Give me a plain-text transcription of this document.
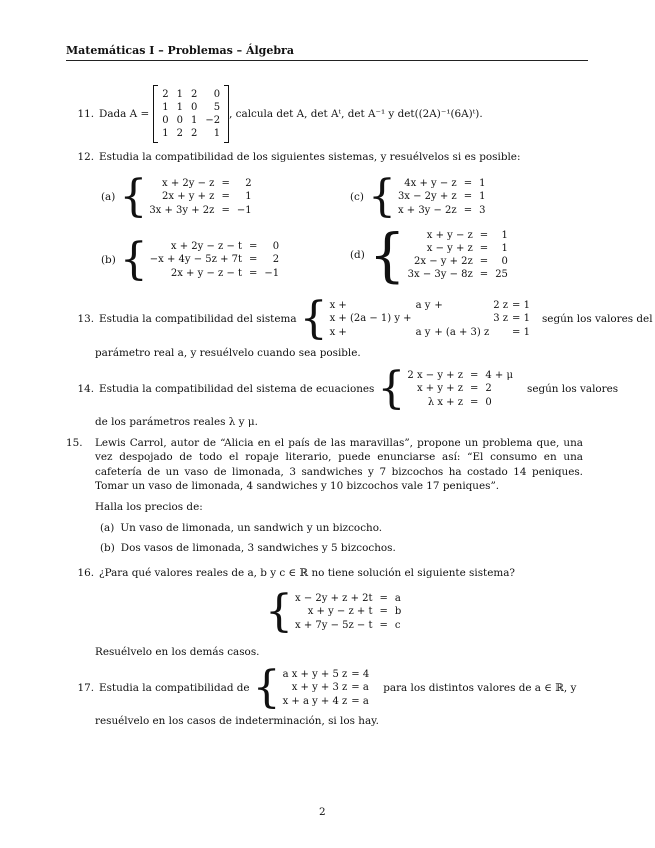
Matemáticas I – Problemas – Álgebra
11. Dada A =
2	1	2	0
1	1	0	5
0	0	1	−2
1	2	2	1
, calcula det A, det Aᵗ, det A⁻¹ y det((2A)⁻¹(6A)ᵗ).
12. Estudia la compatibilidad de los siguientes sistemas, y resuélvelos si es posible:
(a) { x + 2y − z	=	2
2x + y + z	=	1
3x + 3y + 2z	=	−1
(c) { 4x + y − z	=	1
3x − 2y + z	=	1
x + 3y − 2z	=	3
(b) { x + 2y − z − t	=	0
−x + 4y − 5z + 7t	=	2
2x + y − z − t	=	−1
(d) { x + y − z	=	1
x − y + z	=	1
2x − y + 2z	=	0
3x − 3y − 8z	=	25
13. Estudia la compatibilidad del sistema { x +	a y	+	2 z	= 1
x + (2a − 1) y +			3 z	= 1
x +	a y	+ (a + 3) z		= 1
según los valores del
parámetro real a, y resuélvelo cuando sea posible.
14. Estudia la compatibilidad del sistema de ecuaciones { 2 x − y + z	=	4 + μ
x + y + z	=	2
λ x + z	=	0
según los valores
de los parámetros reales λ y μ.
15. Lewis Carrol, autor de “Alicia en el país de las maravillas”, propone un problema que, una vez despojado de todo el ropaje literario, puede enunciarse así: “El consumo en una cafetería de un vaso de limonada, 3 sandwiches y 7 bizcochos ha costado 14 peniques. Tomar un vaso de limonada, 4 sandwiches y 10 bizcochos vale 17 peniques”.
Halla los precios de:
(a) Un vaso de limonada, un sandwich y un bizcocho.
(b) Dos vasos de limonada, 3 sandwiches y 5 bizcochos.
16. ¿Para qué valores reales de a, b y c ∈ ℝ no tiene solución el siguiente sistema?
{ x − 2y + z + 2t	=	a
x + y − z + t	=	b
x + 7y − 5z − t	=	c
Resuélvelo en los demás casos.
17. Estudia la compatibilidad de { a x + y + 5 z	= 4
x + y + 3 z	= a
x + a y + 4 z	= a
para los distintos valores de a ∈ ℝ, y
resuélvelo en los casos de indeterminación, si los hay.
2
